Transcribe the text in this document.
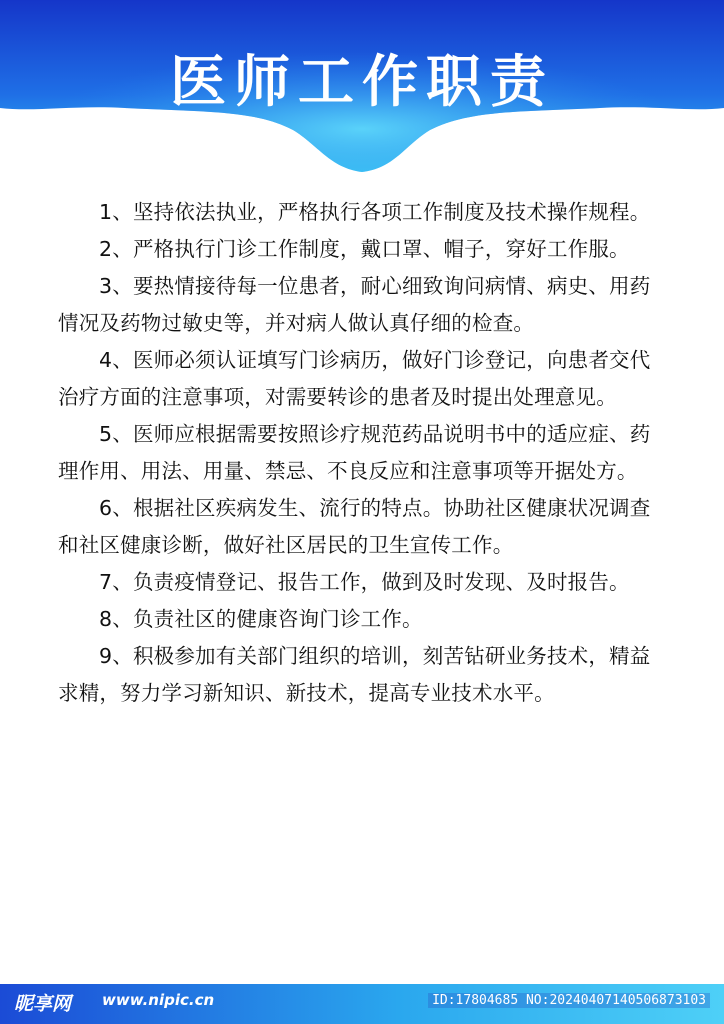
医师工作职责

1、坚持依法执业，严格执行各项工作制度及技术操作规程。

2、严格执行门诊工作制度，戴口罩、帽子，穿好工作服。

3、要热情接待每一位患者，耐心细致询问病情、病史、用药情况及药物过敏史等，并对病人做认真仔细的检查。

4、医师必须认证填写门诊病历，做好门诊登记，向患者交代治疗方面的注意事项，对需要转诊的患者及时提出处理意见。

5、医师应根据需要按照诊疗规范药品说明书中的适应症、药理作用、用法、用量、禁忌、不良反应和注意事项等开据处方。

6、根据社区疾病发生、流行的特点。协助社区健康状况调查和社区健康诊断，做好社区居民的卫生宣传工作。

7、负责疫情登记、报告工作，做到及时发现、及时报告。

8、负责社区的健康咨询门诊工作。

9、积极参加有关部门组织的培训，刻苦钻研业务技术，精益求精，努力学习新知识、新技术，提高专业技术水平。

昵享网 www.nipic.cn	ID:17804685 NO:20240407140506873103
